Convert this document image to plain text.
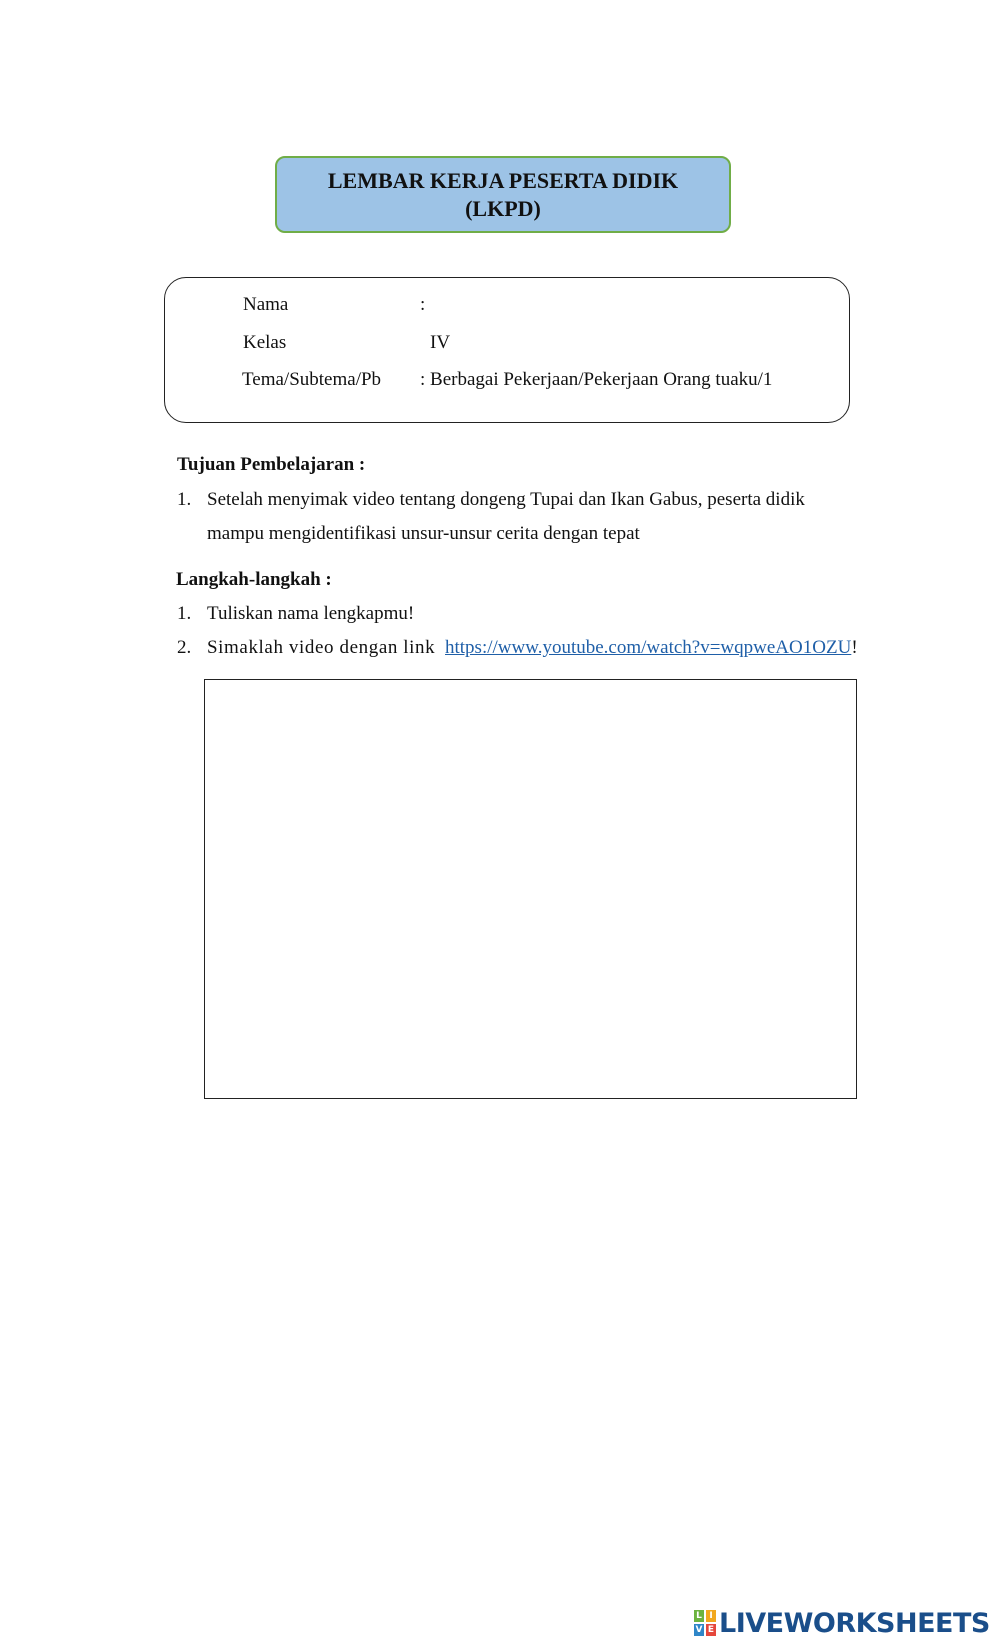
LEMBAR KERJA PESERTA DIDIK
(LKPD)
Nama	:
Kelas	IV
Tema/Subtema/Pb : Berbagai Pekerjaan/Pekerjaan Orang tuaku/1
Tujuan Pembelajaran :
1. Setelah menyimak video tentang dongeng Tupai dan Ikan Gabus, peserta didik
mampu mengidentifikasi unsur-unsur cerita dengan tepat
Langkah-langkah :
1. Tuliskan nama lengkapmu!
2. Simaklah video dengan link https://www.youtube.com/watch?v=wqpweAO1OZU!
L I
V E LIVEWORKSHEETS
